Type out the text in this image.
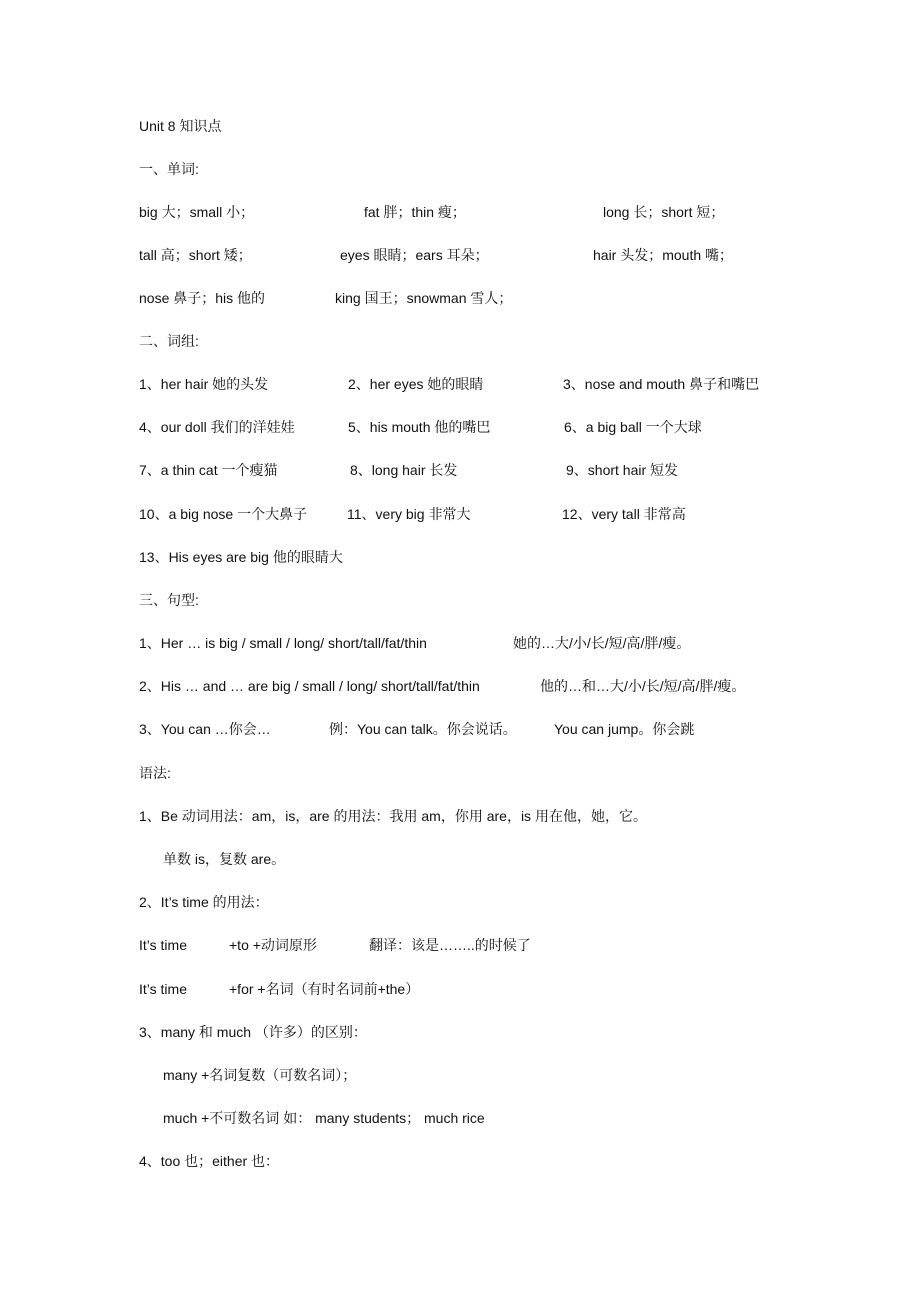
Unit 8 知识点
一、单词:
big 大；small 小；	fat 胖；thin 瘦；	long 长；short 短；
tall 高；short 矮；	eyes 眼睛；ears 耳朵；	hair 头发；mouth 嘴；
nose 鼻子；his 他的	king 国王；snowman 雪人；
二、词组:
1、her hair 她的头发	2、her eyes 她的眼睛	3、nose and mouth 鼻子和嘴巴
4、our doll 我们的洋娃娃	5、his mouth 他的嘴巴	6、a big ball 一个大球
7、a thin cat 一个瘦猫	8、long hair 长发	9、short hair 短发
10、a big nose 一个大鼻子	11、very big 非常大	12、very tall 非常高
13、His eyes are big 他的眼睛大
三、句型:
1、Her … is big / small / long/ short/tall/fat/thin	她的…大/小/长/短/高/胖/瘦。
2、His … and … are big / small / long/ short/tall/fat/thin	他的…和…大/小/长/短/高/胖/瘦。
3、You can …你会…	例：You can talk。你会说话。	You can jump。你会跳
语法:
1、Be 动词用法：am，is，are 的用法：我用 am，你用 are，is 用在他，她，它。
单数 is，复数 are。
2、It’s time 的用法：
It’s time	+to +动词原形	翻译：该是……..的时候了
It’s time	+for +名词（有时名词前+the）
3、many 和 much （许多）的区别：
many +名词复数（可数名词）；
much +不可数名词 如： many students； much rice
4、too 也；either 也：
